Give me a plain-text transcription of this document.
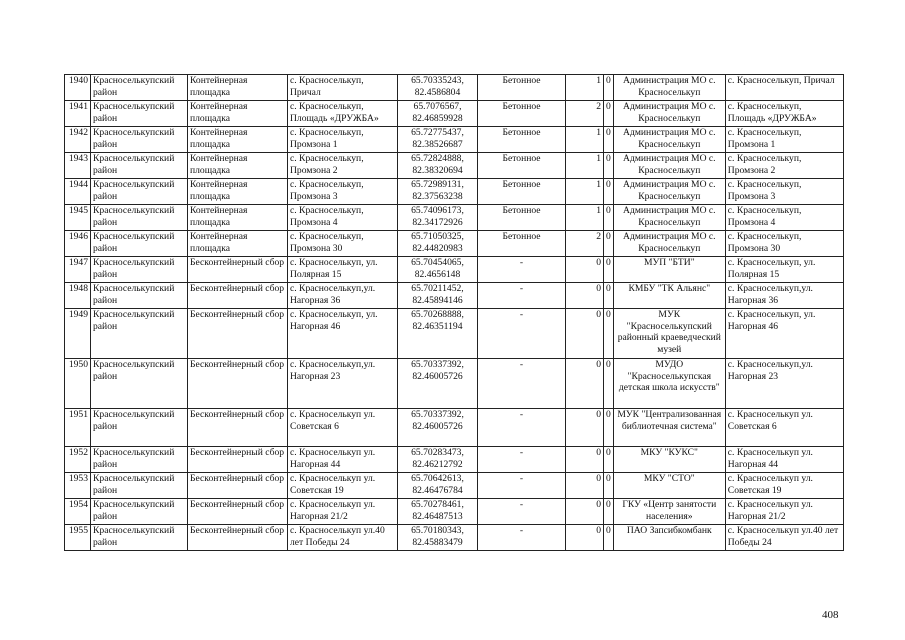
1940	Красноселькупский район	Контейнерная площадка	с. Красноселькуп, Причал	65.70335243, 82.4586804	Бетонное	1	0	Администрация МО с. Красноселькуп	с. Красноселькуп, Причал
1941	Красноселькупский район	Контейнерная площадка	с. Красноселькуп, Площадь «ДРУЖБА»	65.7076567, 82.46859928	Бетонное	2	0	Администрация МО с. Красноселькуп	с. Красноселькуп, Площадь «ДРУЖБА»
1942	Красноселькупский район	Контейнерная площадка	с. Красноселькуп, Промзона 1	65.72775437, 82.38526687	Бетонное	1	0	Администрация МО с. Красноселькуп	с. Красноселькуп, Промзона 1
1943	Красноселькупский район	Контейнерная площадка	с. Красноселькуп, Промзона 2	65.72824888, 82.38320694	Бетонное	1	0	Администрация МО с. Красноселькуп	с. Красноселькуп, Промзона 2
1944	Красноселькупский район	Контейнерная площадка	с. Красноселькуп, Промзона 3	65.72989131, 82.37563238	Бетонное	1	0	Администрация МО с. Красноселькуп	с. Красноселькуп, Промзона 3
1945	Красноселькупский район	Контейнерная площадка	с. Красноселькуп, Промзона 4	65.74096173, 82.34172926	Бетонное	1	0	Администрация МО с. Красноселькуп	с. Красноселькуп, Промзона 4
1946	Красноселькупский район	Контейнерная площадка	с. Красноселькуп, Промзона 30	65.71050325, 82.44820983	Бетонное	2	0	Администрация МО с. Красноселькуп	с. Красноселькуп, Промзона 30
1947	Красноселькупский район	Бесконтейнерный сбор	с. Красноселькуп, ул. Полярная 15	65.70454065, 82.4656148	-	0	0	МУП "БТИ"	с. Красноселькуп, ул. Полярная 15
1948	Красноселькупский район	Бесконтейнерный сбор	с. Красноселькуп,ул. Нагорная 36	65.70211452, 82.45894146	-	0	0	КМБУ "ТК Альянс"	с. Красноселькуп,ул. Нагорная 36
1949	Красноселькупский район	Бесконтейнерный сбор	с. Красноселькуп, ул. Нагорная 46	65.70268888, 82.46351194	-	0	0	МУК "Красноселькупский районный краеведческий музей	с. Красноселькуп, ул. Нагорная 46
1950	Красноселькупский район	Бесконтейнерный сбор	с. Красноселькуп,ул. Нагорная 23	65.70337392, 82.46005726	-	0	0	МУДО "Красноселькупская детская школа искусств"	с. Красноселькуп,ул. Нагорная 23
1951	Красноселькупский район	Бесконтейнерный сбор	с. Красноселькуп ул. Советская 6	65.70337392, 82.46005726	-	0	0	МУК "Централизованная библиотечная система"	с. Красноселькуп ул. Советская 6
1952	Красноселькупский район	Бесконтейнерный сбор	с. Красноселькуп ул. Нагорная 44	65.70283473, 82.46212792	-	0	0	МКУ "КУКС"	с. Красноселькуп ул. Нагорная 44
1953	Красноселькупский район	Бесконтейнерный сбор	с. Красноселькуп ул. Советская 19	65.70642613, 82.46476784	-	0	0	МКУ "СТО"	с. Красноселькуп ул. Советская 19
1954	Красноселькупский район	Бесконтейнерный сбор	с. Красноселькуп ул. Нагорная 21/2	65.70278461, 82.46487513	-	0	0	ГКУ «Центр занятости населения»	с. Красноселькуп ул. Нагорная 21/2
1955	Красноселькупский район	Бесконтейнерный сбор	с. Красноселькуп ул.40 лет Победы 24	65.70180343, 82.45883479	-	0	0	ПАО Запсибкомбанк	с. Красноселькуп ул.40 лет Победы 24
408
